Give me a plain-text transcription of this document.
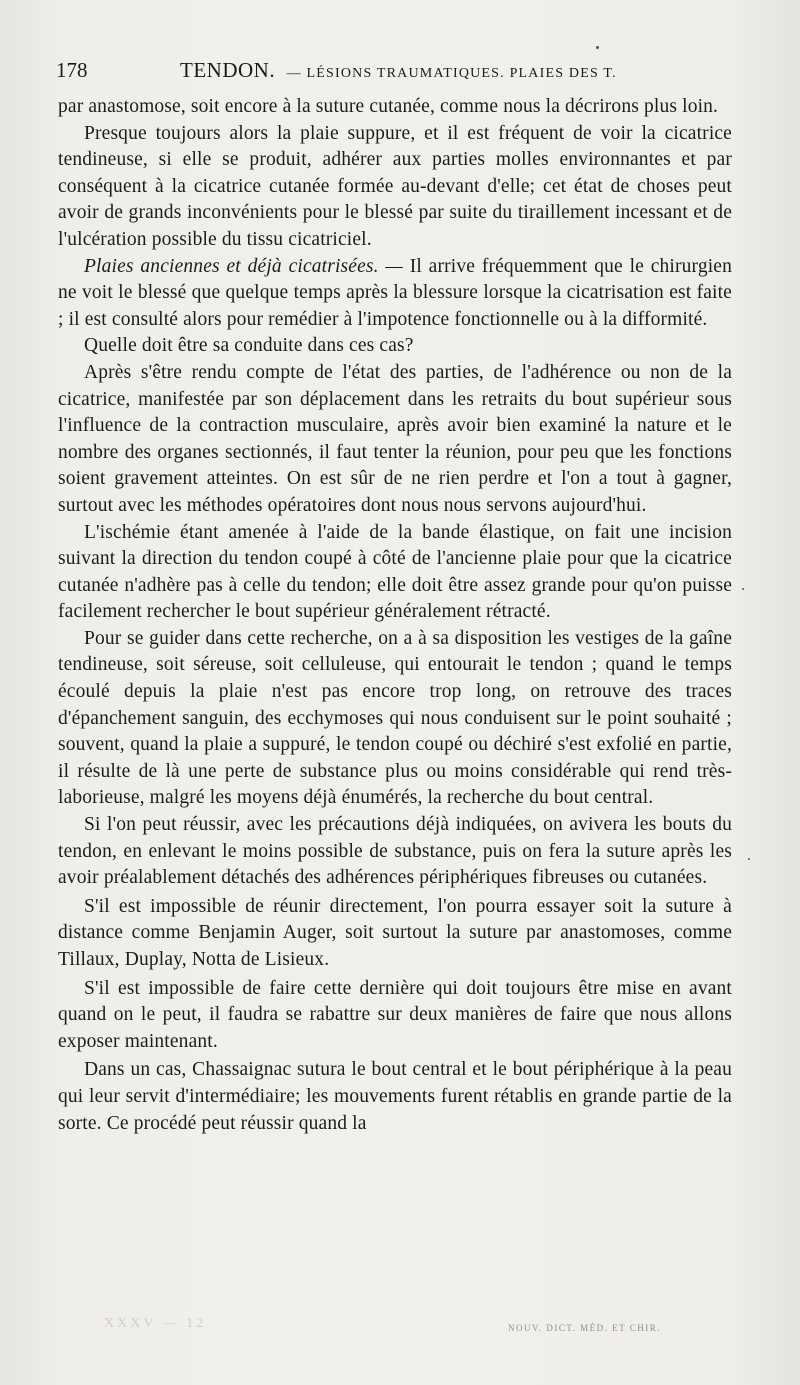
178	TENDON. — LÉSIONS TRAUMATIQUES. PLAIES DES T.

par anastomose, soit encore à la suture cutanée, comme nous la décrirons plus loin.

Presque toujours alors la plaie suppure, et il est fréquent de voir la cicatrice tendineuse, si elle se produit, adhérer aux parties molles environnantes et par conséquent à la cicatrice cutanée formée au-devant d'elle; cet état de choses peut avoir de grands inconvénients pour le blessé par suite du tiraillement incessant et de l'ulcération possible du tissu cicatriciel.

Plaies anciennes et déjà cicatrisées. — Il arrive fréquemment que le chirurgien ne voit le blessé que quelque temps après la blessure lorsque la cicatrisation est faite ; il est consulté alors pour remédier à l'impotence fonctionnelle ou à la difformité.

Quelle doit être sa conduite dans ces cas?

Après s'être rendu compte de l'état des parties, de l'adhérence ou non de la cicatrice, manifestée par son déplacement dans les retraits du bout supérieur sous l'influence de la contraction musculaire, après avoir bien examiné la nature et le nombre des organes sectionnés, il faut tenter la réunion, pour peu que les fonctions soient gravement atteintes. On est sûr de ne rien perdre et l'on a tout à gagner, surtout avec les méthodes opératoires dont nous nous servons aujourd'hui.

L'ischémie étant amenée à l'aide de la bande élastique, on fait une incision suivant la direction du tendon coupé à côté de l'ancienne plaie pour que la cicatrice cutanée n'adhère pas à celle du tendon; elle doit être assez grande pour qu'on puisse facilement rechercher le bout supérieur généralement rétracté.

Pour se guider dans cette recherche, on a à sa disposition les vestiges de la gaîne tendineuse, soit séreuse, soit celluleuse, qui entourait le tendon ; quand le temps écoulé depuis la plaie n'est pas encore trop long, on retrouve des traces d'épanchement sanguin, des ecchymoses qui nous conduisent sur le point souhaité ; souvent, quand la plaie a suppuré, le tendon coupé ou déchiré s'est exfolié en partie, il résulte de là une perte de substance plus ou moins considérable qui rend très-laborieuse, malgré les moyens déjà énumérés, la recherche du bout central.

Si l'on peut réussir, avec les précautions déjà indiquées, on avivera les bouts du tendon, en enlevant le moins possible de substance, puis on fera la suture après les avoir préalablement détachés des adhérences périphériques fibreuses ou cutanées.

S'il est impossible de réunir directement, l'on pourra essayer soit la suture à distance comme Benjamin Auger, soit surtout la suture par anastomoses, comme Tillaux, Duplay, Notta de Lisieux.

S'il est impossible de faire cette dernière qui doit toujours être mise en avant quand on le peut, il faudra se rabattre sur deux manières de faire que nous allons exposer maintenant.

Dans un cas, Chassaignac sutura le bout central et le bout périphérique à la peau qui leur servit d'intermédiaire; les mouvements furent rétablis en grande partie de la sorte. Ce procédé peut réussir quand la

XXXV — 12	NOUV. DICT. MÉD. ET CHIR.
